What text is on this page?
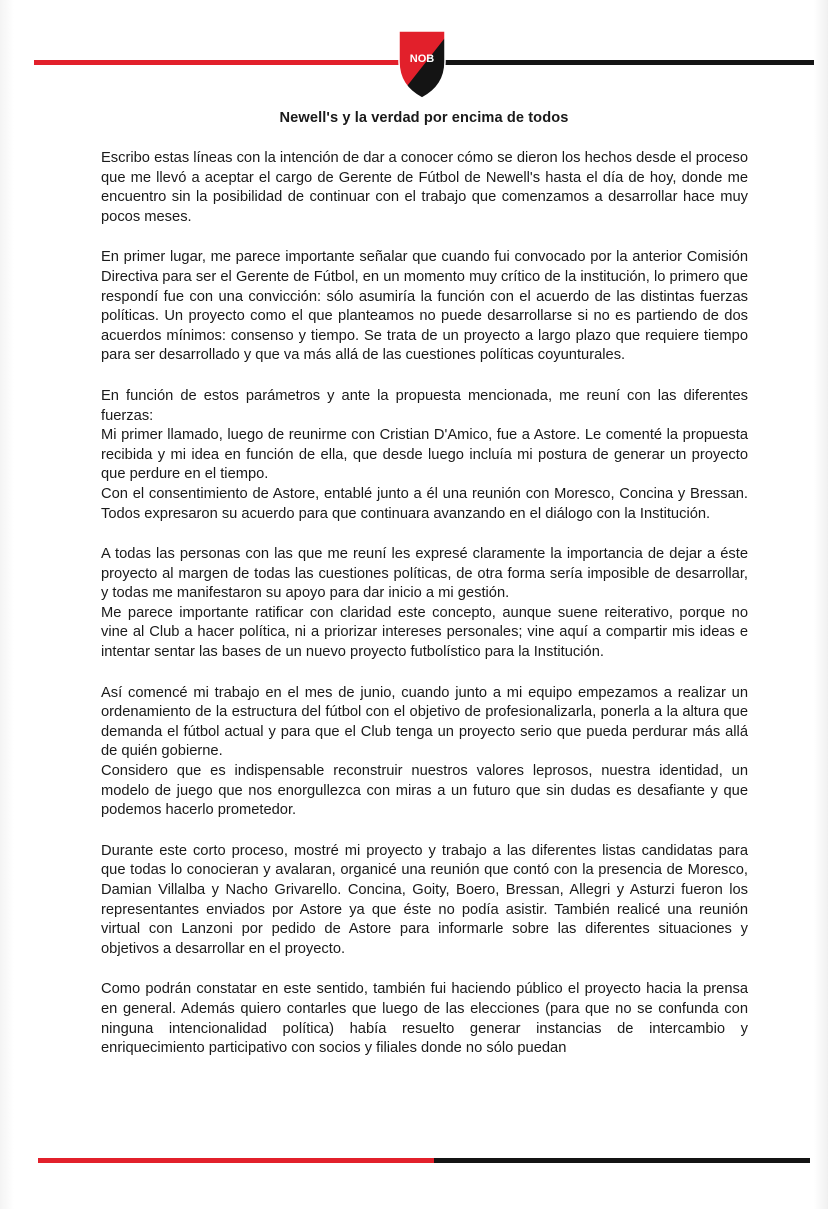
NOB
Newell's y la verdad por encima de todos

Escribo estas líneas con la intención de dar a conocer cómo se dieron los hechos desde el proceso que me llevó a aceptar el cargo de Gerente de Fútbol de Newell's hasta el día de hoy, donde me encuentro sin la posibilidad de continuar con el trabajo que comenzamos a desarrollar hace muy pocos meses.

En primer lugar, me parece importante señalar que cuando fui convocado por la anterior Comisión Directiva para ser el Gerente de Fútbol, en un momento muy crítico de la institución, lo primero que respondí fue con una convicción: sólo asumiría la función con el acuerdo de las distintas fuerzas políticas. Un proyecto como el que planteamos no puede desarrollarse si no es partiendo de dos acuerdos mínimos: consenso y tiempo. Se trata de un proyecto a largo plazo que requiere tiempo para ser desarrollado y que va más allá de las cuestiones políticas coyunturales.

En función de estos parámetros y ante la propuesta mencionada, me reuní con las diferentes fuerzas:
Mi primer llamado, luego de reunirme con Cristian D'Amico, fue a Astore. Le comenté la propuesta recibida y mi idea en función de ella, que desde luego incluía mi postura de generar un proyecto que perdure en el tiempo.

Con el consentimiento de Astore, entablé junto a él una reunión con Moresco, Concina y Bressan. Todos expresaron su acuerdo para que continuara avanzando en el diálogo con la Institución.

A todas las personas con las que me reuní les expresé claramente la importancia de dejar a éste proyecto al margen de todas las cuestiones políticas, de otra forma sería imposible de desarrollar, y todas me manifestaron su apoyo para dar inicio a mi gestión.

Me parece importante ratificar con claridad este concepto, aunque suene reiterativo, porque no vine al Club a hacer política, ni a priorizar intereses personales; vine aquí a compartir mis ideas e intentar sentar las bases de un nuevo proyecto futbolístico para la Institución.

Así comencé mi trabajo en el mes de junio, cuando junto a mi equipo empezamos a realizar un ordenamiento de la estructura del fútbol con el objetivo de profesionalizarla, ponerla a la altura que demanda el fútbol actual y para que el Club tenga un proyecto serio que pueda perdurar más allá de quién gobierne.

Considero que es indispensable reconstruir nuestros valores leprosos, nuestra identidad, un modelo de juego que nos enorgullezca con miras a un futuro que sin dudas es desafiante y que podemos hacerlo prometedor.

Durante este corto proceso, mostré mi proyecto y trabajo a las diferentes listas candidatas para que todas lo conocieran y avalaran, organicé una reunión que contó con la presencia de Moresco, Damian Villalba y Nacho Grivarello. Concina, Goity, Boero, Bressan, Allegri y Asturzi fueron los representantes enviados por Astore ya que éste no podía asistir. También realicé una reunión virtual con Lanzoni por pedido de Astore para informarle sobre las diferentes situaciones y objetivos a desarrollar en el proyecto.

Como podrán constatar en este sentido, también fui haciendo público el proyecto hacia la prensa en general. Además quiero contarles que luego de las elecciones (para que no se confunda con ninguna intencionalidad política) había resuelto generar instancias de intercambio y enriquecimiento participativo con socios y filiales donde no sólo puedan
